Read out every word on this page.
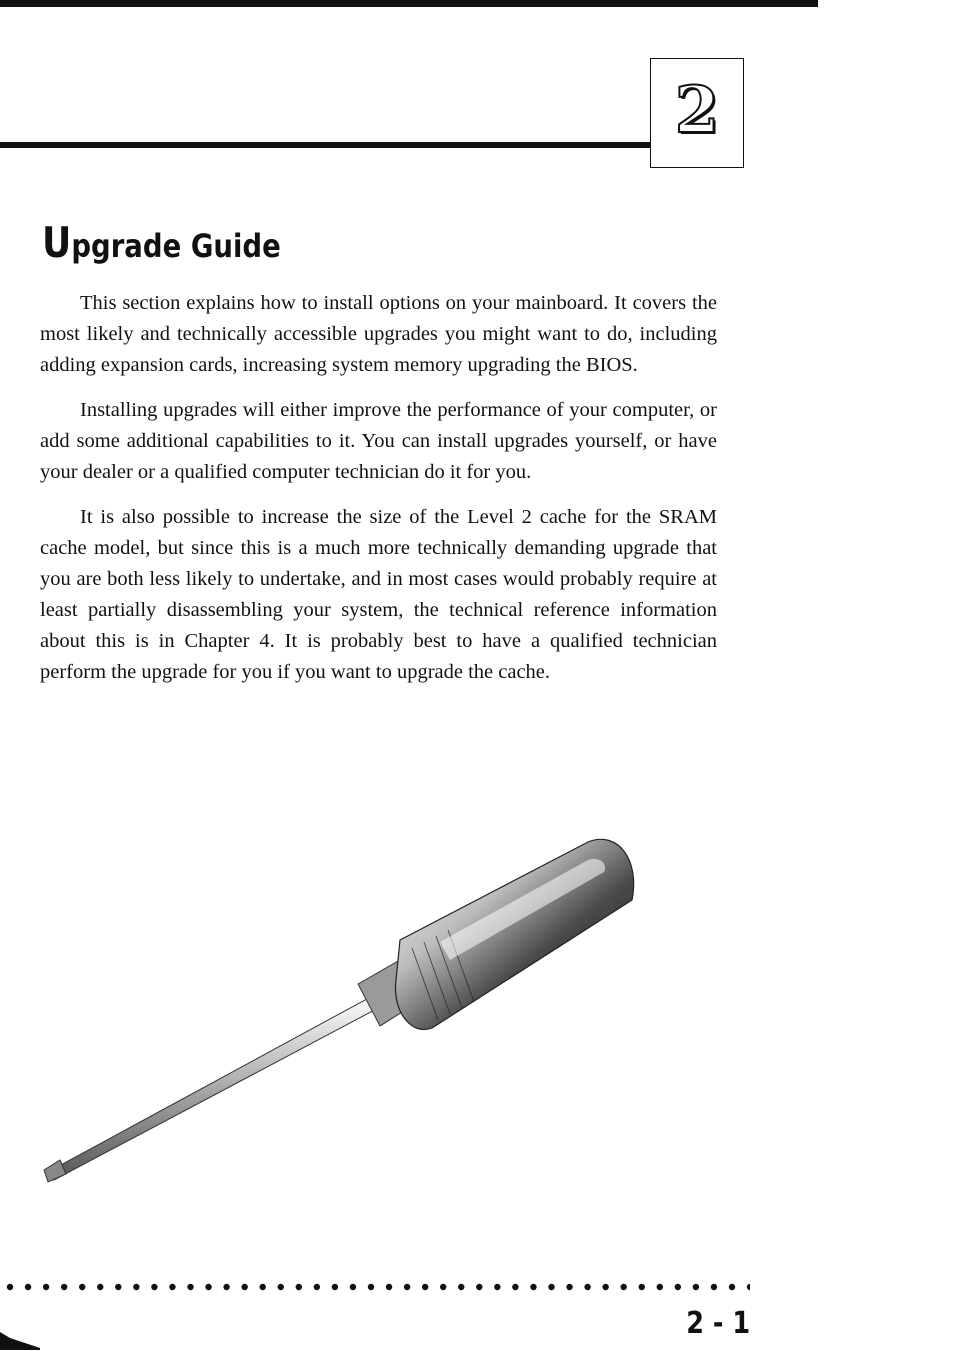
2
Upgrade Guide

This section explains how to install options on your mainboard. It covers the most likely and technically accessible upgrades you might want to do, including adding expansion cards, increasing system memory upgrading the BIOS.

Installing upgrades will either improve the performance of your computer, or add some additional capabilities to it. You can install upgrades yourself, or have your dealer or a qualified computer technician do it for you.

It is also possible to increase the size of the Level 2 cache for the SRAM cache model, but since this is a much more technically demanding upgrade that you are both less likely to undertake, and in most cases would probably require at least partially disassembling your system, the technical reference information about this is in Chapter 4. It is probably best to have a qualified technician perform the upgrade for you if you want to upgrade the cache.

2 - 1
